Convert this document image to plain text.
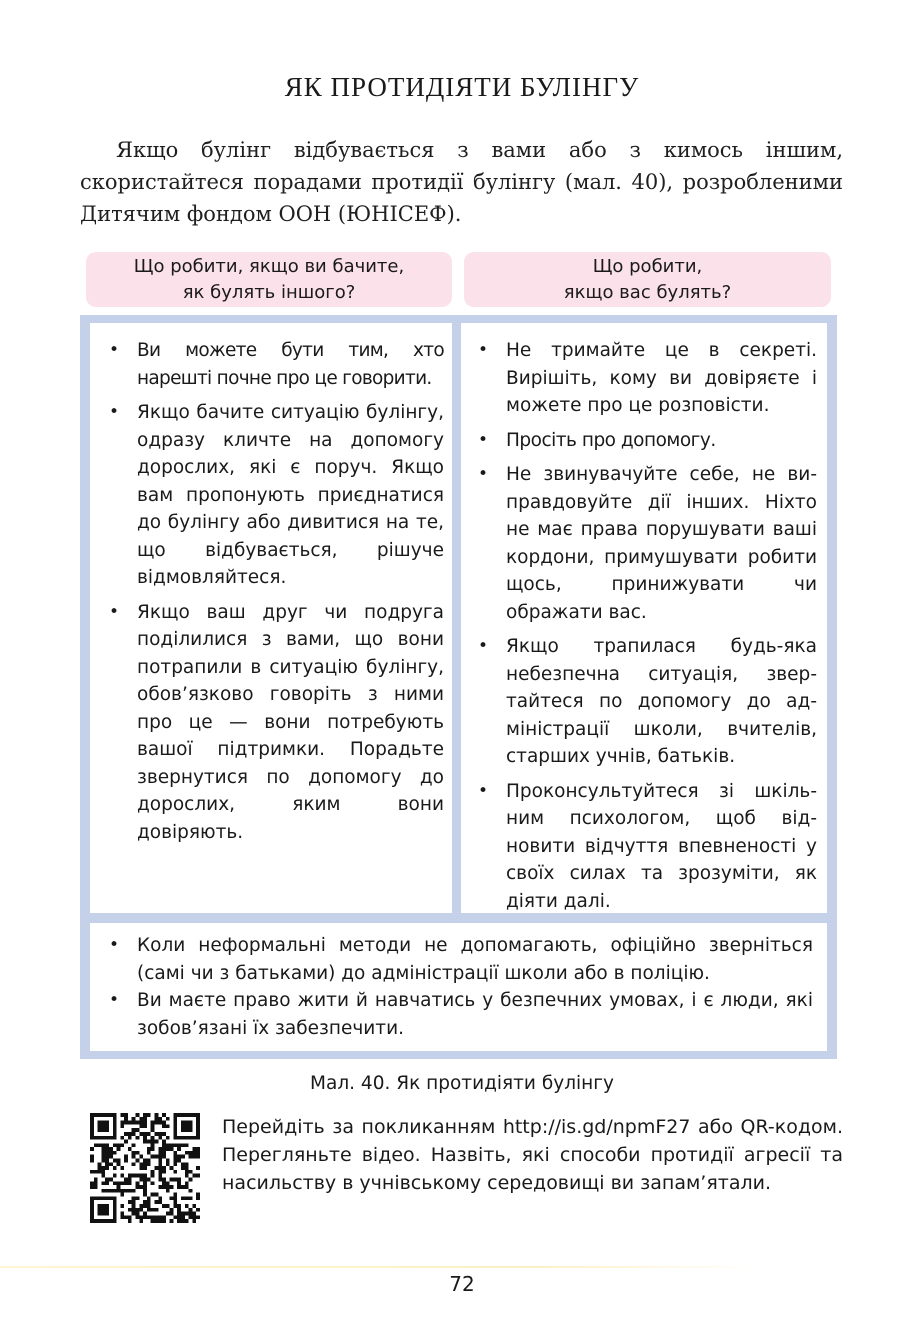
ЯК ПРОТИДІЯТИ БУЛІНГУ
Якщо булінг відбувається з вами або з кимось іншим, скористайтеся порадами протидії булінгу (мал. 40), розробленими Дитячим фондом ООН (ЮНІСЕФ).
Що робити, якщо ви бачите,
як булять іншого?
Що робити,
якщо вас булять?
• Ви можете бути тим, хто нарешті почне про це говорити.
• Якщо бачите ситуацію булінгу, одразу кличте на допомогу дорослих, які є поруч. Якщо вам пропонують приєднатися до булінгу або дивитися на те, що відбувається, рішуче відмовляйтеся.
• Якщо ваш друг чи подруга поділилися з вами, що вони потрапили в ситуацію булінгу, обов’язково говоріть з ними про це — вони потребують вашої підтримки. Порадьте звернутися по допомогу до дорослих, яким вони довіряють.
• Не тримайте це в секреті. Вирішіть, кому ви довіряєте і можете про це розповісти.
• Просіть про допомогу.
• Не звинувачуйте себе, не виправдовуйте дії інших. Ніхто не має права порушувати ваші кордони, примушувати робити щось, принижувати чи ображати вас.
• Якщо трапилася будь-яка небезпечна ситуація, звертайтеся по допомогу до адміністрації школи, вчителів, старших учнів, батьків.
• Проконсультуйтеся зі шкільним психологом, щоб відновити відчуття впевненості у своїх силах та зрозуміти, як діяти далі.
• Коли неформальні методи не допомагають, офіційно зверніться (самі чи з батьками) до адміністрації школи або в поліцію.
• Ви маєте право жити й навчатись у безпечних умовах, і є люди, які зобов’язані їх забезпечити.
Мал. 40. Як протидіяти булінгу
Перейдіть за покликанням http://is.gd/npmF27 або QR-кодом. Перегляньте відео. Назвіть, які способи протидії агресії та насильству в учнівському середовищі ви запам’ятали.
72
